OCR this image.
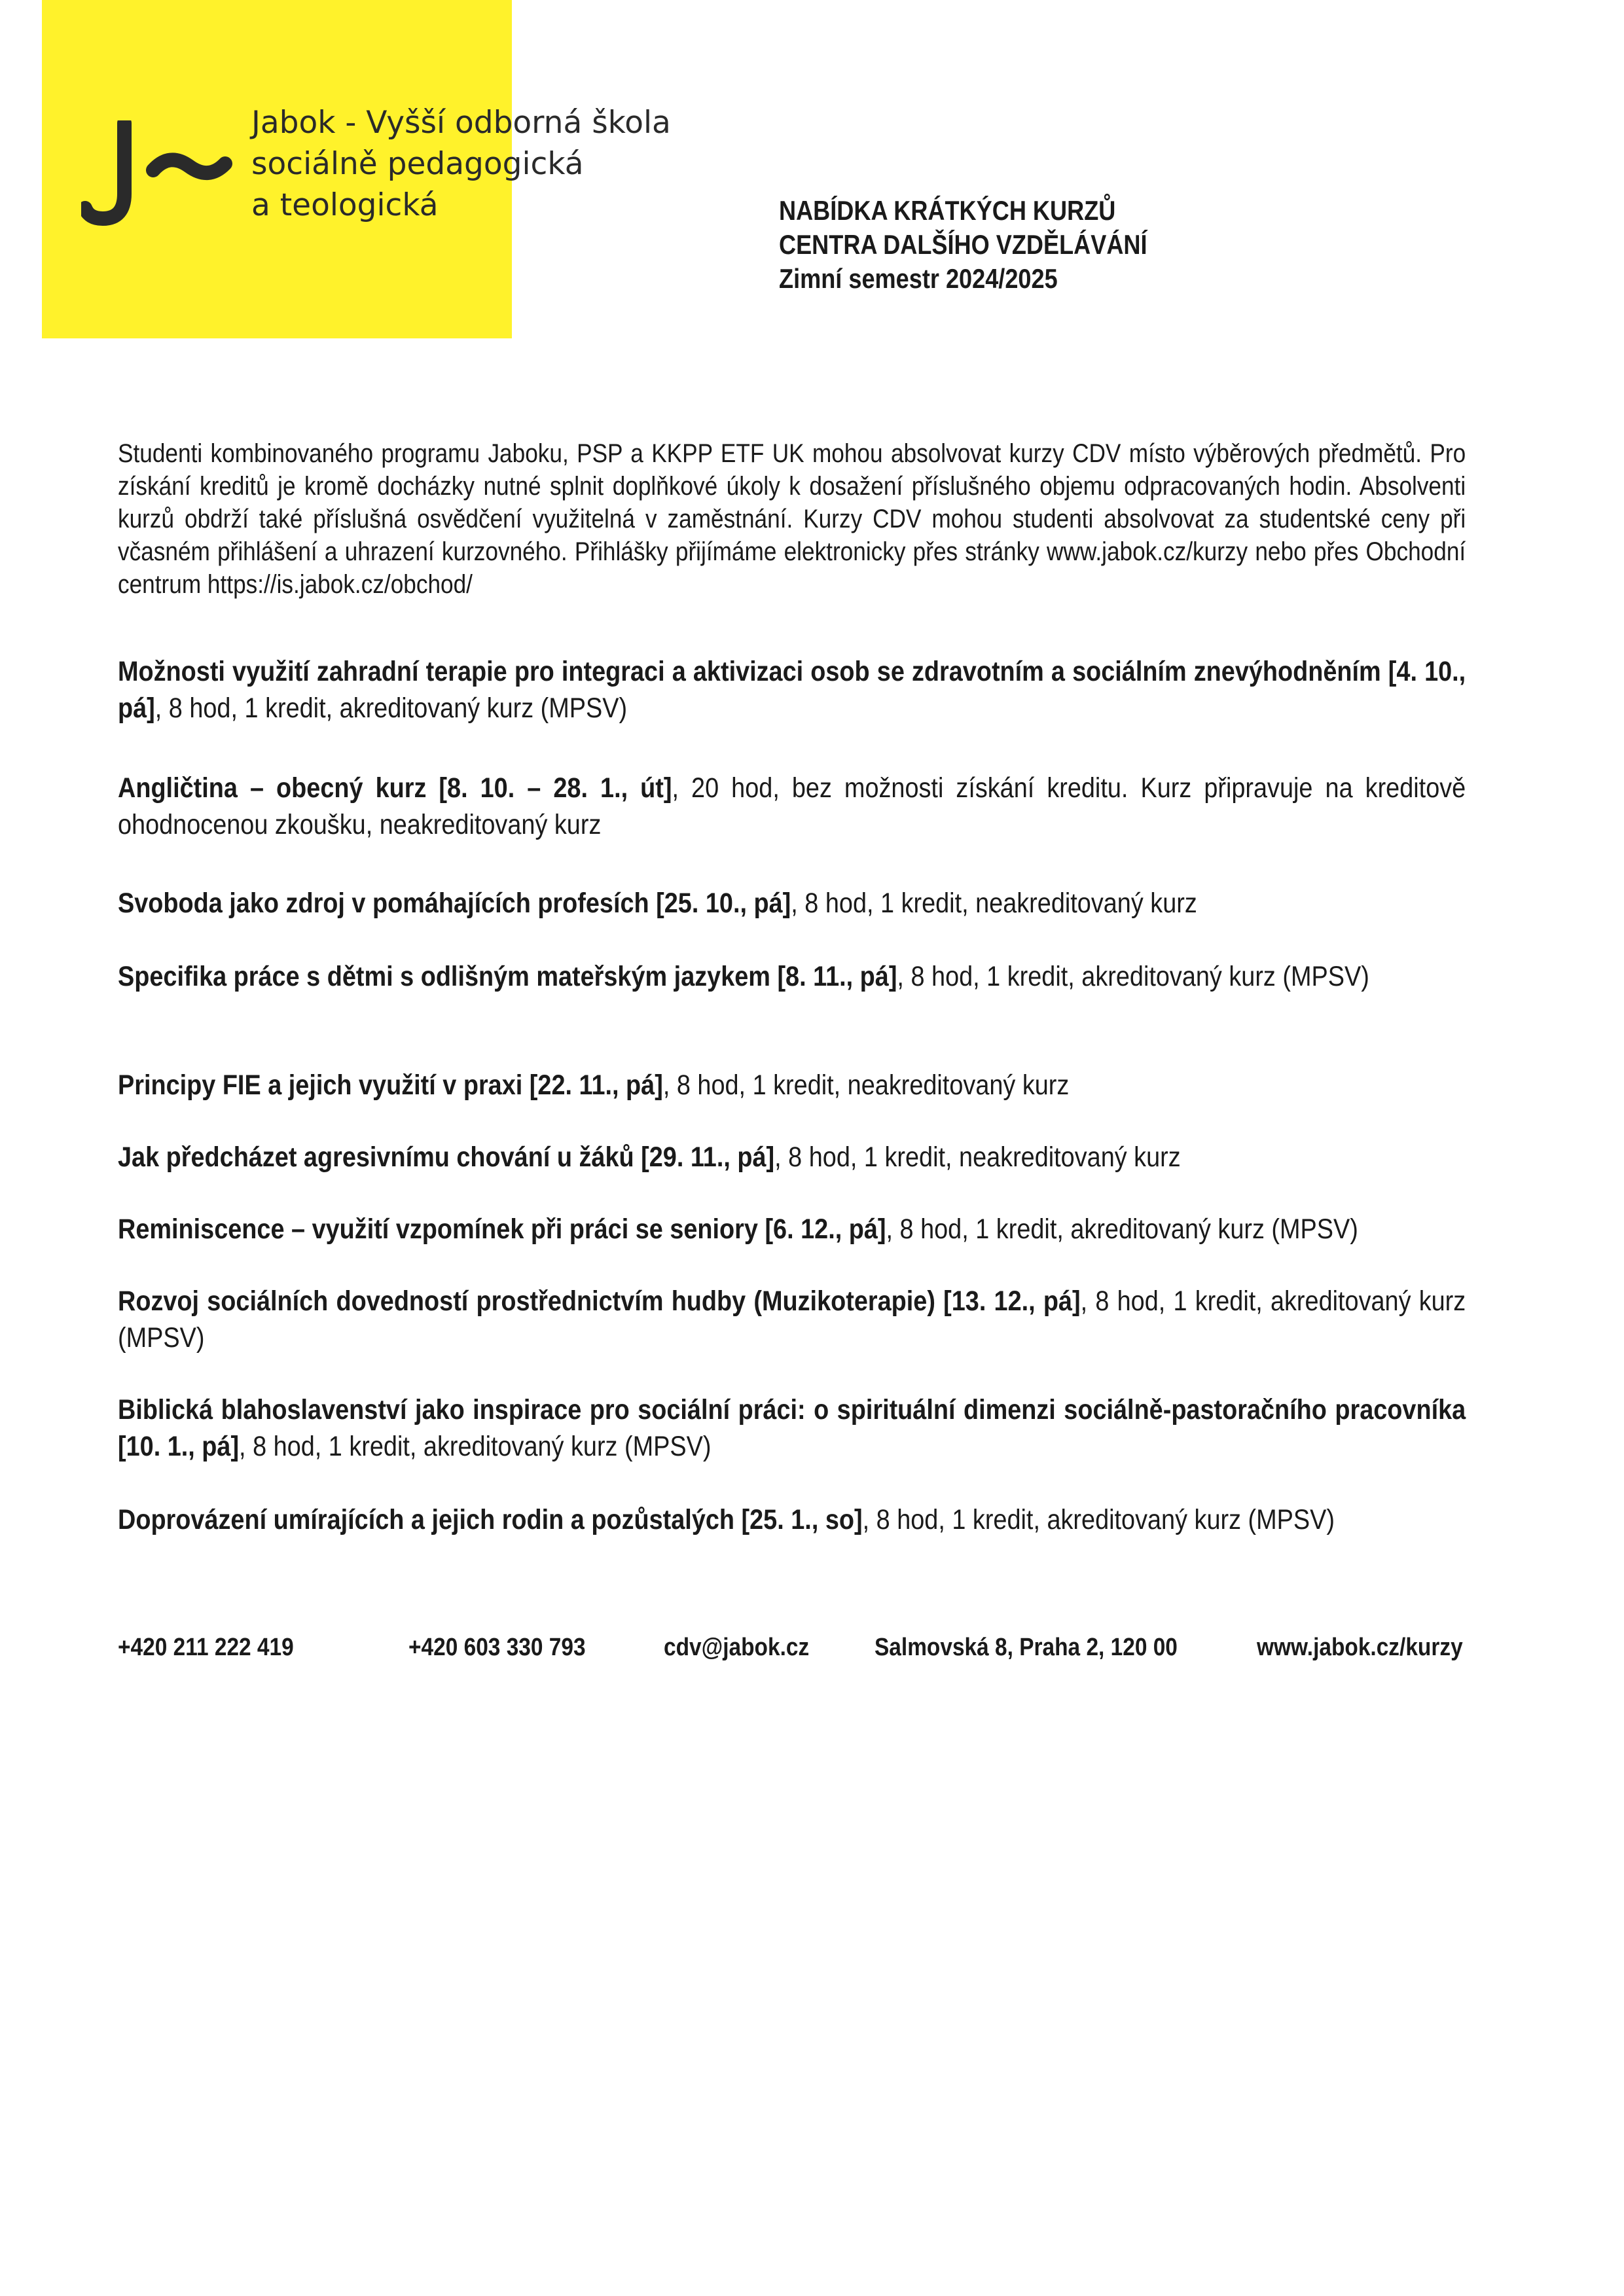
Jabok - Vyšší odborná škola
sociálně pedagogická
a teologická	NABÍDKA KRÁTKÝCH KURZŮ
CENTRA DALŠÍHO VZDĚLÁVÁNÍ
Zimní semestr 2024/2025

Studenti kombinovaného programu Jaboku, PSP a KKPP ETF UK mohou absolvovat kurzy CDV místo výběrových předmětů. Pro získání kreditů je kromě docházky nutné splnit doplňkové úkoly k dosažení příslušného objemu odpracovaných hodin. Absolventi kurzů obdrží také příslušná osvědčení využitelná v zaměstnání. Kurzy CDV mohou studenti absolvovat za studentské ceny při včasném přihlášení a uhrazení kurzovného. Přihlášky přijímáme elektronicky přes stránky www.jabok.cz/kurzy nebo přes Obchodní centrum https://is.jabok.cz/obchod/

Možnosti využití zahradní terapie pro integraci a aktivizaci osob se zdravotním a sociálním znevýhodněním [4. 10., pá], 8 hod, 1 kredit, akreditovaný kurz (MPSV)

Angličtina – obecný kurz [8. 10. – 28. 1., út], 20 hod, bez možnosti získání kreditu. Kurz připravuje na kreditově ohodnocenou zkoušku, neakreditovaný kurz

Svoboda jako zdroj v pomáhajících profesích [25. 10., pá], 8 hod, 1 kredit, neakreditovaný kurz

Specifika práce s dětmi s odlišným mateřským jazykem [8. 11., pá], 8 hod, 1 kredit, akreditovaný kurz (MPSV)

Principy FIE a jejich využití v praxi [22. 11., pá], 8 hod, 1 kredit, neakreditovaný kurz

Jak předcházet agresivnímu chování u žáků [29. 11., pá], 8 hod, 1 kredit, neakreditovaný kurz

Reminiscence – využití vzpomínek při práci se seniory [6. 12., pá], 8 hod, 1 kredit, akreditovaný kurz (MPSV)

Rozvoj sociálních dovedností prostřednictvím hudby (Muzikoterapie) [13. 12., pá], 8 hod, 1 kredit, akreditovaný kurz (MPSV)

Biblická blahoslavenství jako inspirace pro sociální práci: o spirituální dimenzi sociálně-pastoračního pracovníka [10. 1., pá], 8 hod, 1 kredit, akreditovaný kurz (MPSV)

Doprovázení umírajících a jejich rodin a pozůstalých [25. 1., so], 8 hod, 1 kredit, akreditovaný kurz (MPSV)

+420 211 222 419	+420 603 330 793	cdv@jabok.cz	Salmovská 8, Praha 2, 120 00	www.jabok.cz/kurzy
